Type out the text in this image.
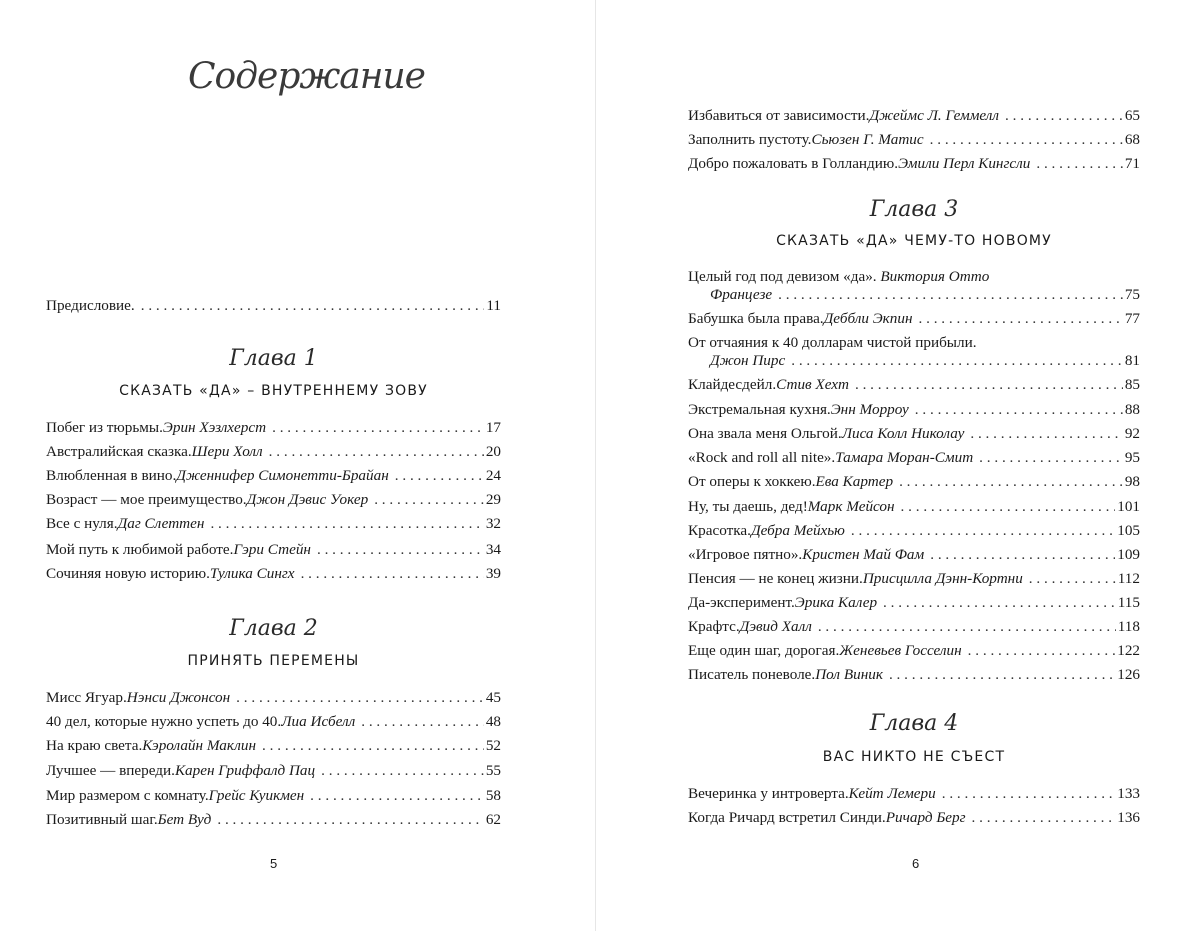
Содержание
Предисловие. . . .	11
Глава 1
СКАЗАТЬ «ДА» – ВНУТРЕННЕМУ ЗОВУ
Побег из тюрьмы. Эрин Хэзлхерст . . .	17
Австралийская сказка. Шери Холл . . .	20
Влюбленная в вино. Дженнифер Симонетти-Брайан . . .	24
Возраст — мое преимущество. Джон Дэвис Уокер . . .	29
Все с нуля. Даг Слеттен . . .	32
Мой путь к любимой работе. Гэри Стейн . . .	34
Сочиняя новую историю. Тулика Сингх . . .	39
Глава 2
ПРИНЯТЬ ПЕРЕМЕНЫ
Мисс Ягуар. Нэнси Джонсон . . .	45
40 дел, которые нужно успеть до 40. Лиа Исбелл . . .	48
На краю света. Кэролайн Маклин . . .	52
Лучшее — впереди. Карен Гриффалд Пац . . .	55
Мир размером с комнату. Грейс Куикмен . . .	58
Позитивный шаг. Бет Вуд . . .	62
5
Избавиться от зависимости. Джеймс Л. Геммелл . . .	65
Заполнить пустоту. Сьюзен Г. Матис . . .	68
Добро пожаловать в Голландию. Эмили Перл Кингсли . . .	71
Глава 3
СКАЗАТЬ «ДА» ЧЕМУ-ТО НОВОМУ
Целый год под девизом «да». Виктория Отто
Францезе . . .	75
Бабушка была права. Деббли Экпин . . .	77
От отчаяния к 40 долларам чистой прибыли.
Джон Пирс . . .	81
Клайдесдейл. Стив Хехт . . .	85
Экстремальная кухня. Энн Морроу . . .	88
Она звала меня Ольгой. Лиса Колл Николау . . .	92
«Rock and roll all nite». Тамара Моран-Смит . . .	95
От оперы к хоккею. Ева Картер . . .	98
Ну, ты даешь, дед! Марк Мейсон . . .	101
Красотка. Дебра Мейхью . . .	105
«Игровое пятно». Кристен Май Фам . . .	109
Пенсия — не конец жизни. Присцилла Дэнн-Кортни . . .	112
Да-эксперимент. Эрика Калер . . .	115
Крафтс. Дэвид Халл . . .	118
Еще один шаг, дорогая. Женевьев Госселин . . .	122
Писатель поневоле. Пол Виник . . .	126
Глава 4
ВАС НИКТО НЕ СЪЕСТ
Вечеринка у интроверта. Кейт Лемери . . .	133
Когда Ричард встретил Синди. Ричард Берг . . .	136
6
